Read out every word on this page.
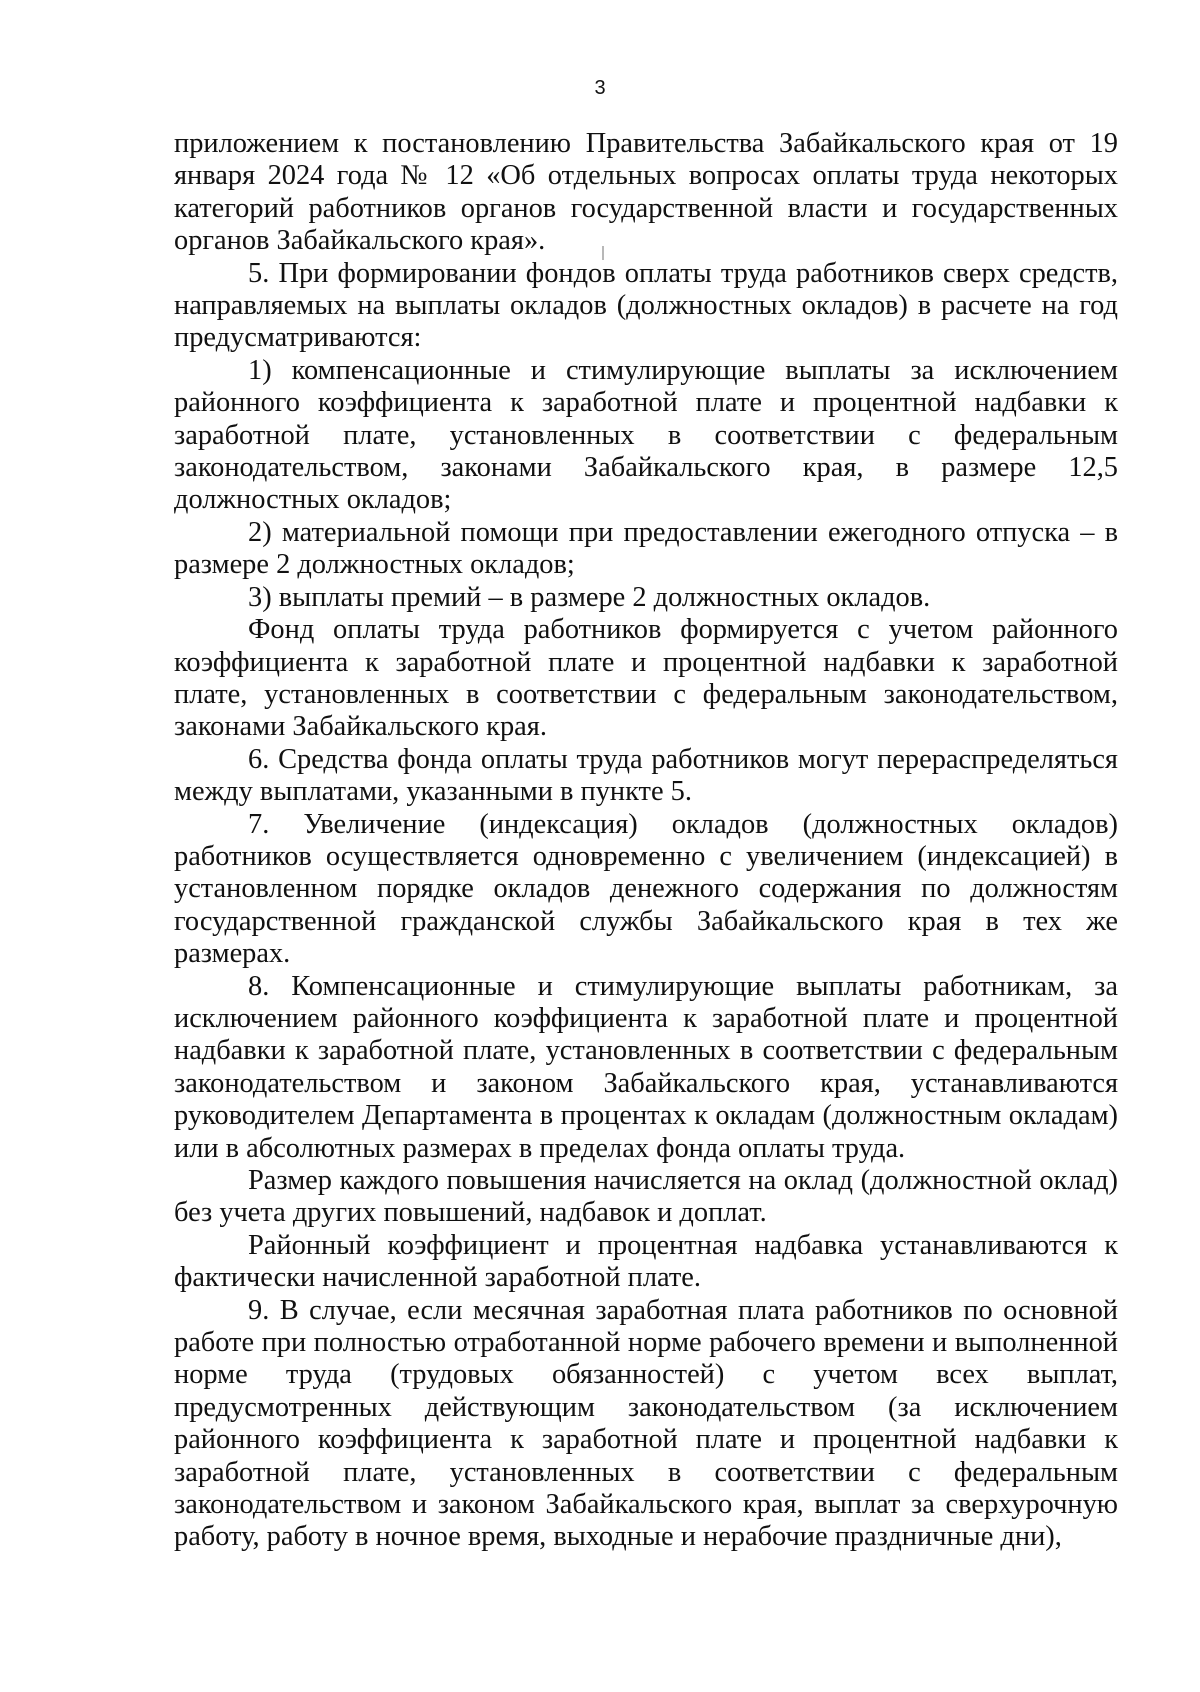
3

приложением к постановлению Правительства Забайкальского края от 19 января 2024 года № 12 «Об отдельных вопросах оплаты труда некоторых категорий работников органов государственной власти и государственных органов Забайкальского края».

5. При формировании фондов оплаты труда работников сверх средств, направляемых на выплаты окладов (должностных окладов) в расчете на год предусматриваются:

1) компенсационные и стимулирующие выплаты за исключением районного коэффициента к заработной плате и процентной надбавки к заработной плате, установленных в соответствии с федеральным законодательством, законами Забайкальского края, в размере 12,5 должностных окладов;

2) материальной помощи при предоставлении ежегодного отпуска – в размере 2 должностных окладов;

3) выплаты премий – в размере 2 должностных окладов.

Фонд оплаты труда работников формируется с учетом районного коэффициента к заработной плате и процентной надбавки к заработной плате, установленных в соответствии с федеральным законодательством, законами Забайкальского края.

6. Средства фонда оплаты труда работников могут перераспределяться между выплатами, указанными в пункте 5.

7. Увеличение (индексация) окладов (должностных окладов) работников осуществляется одновременно с увеличением (индексацией) в установленном порядке окладов денежного содержания по должностям государственной гражданской службы Забайкальского края в тех же размерах.

8. Компенсационные и стимулирующие выплаты работникам, за исключением районного коэффициента к заработной плате и процентной надбавки к заработной плате, установленных в соответствии с федеральным законодательством и законом Забайкальского края, устанавливаются руководителем Департамента в процентах к окладам (должностным окладам) или в абсолютных размерах в пределах фонда оплаты труда.

Размер каждого повышения начисляется на оклад (должностной оклад) без учета других повышений, надбавок и доплат.

Районный коэффициент и процентная надбавка устанавливаются к фактически начисленной заработной плате.

9. В случае, если месячная заработная плата работников по основной работе при полностью отработанной норме рабочего времени и выполненной норме труда (трудовых обязанностей) с учетом всех выплат, предусмотренных действующим законодательством (за исключением районного коэффициента к заработной плате и процентной надбавки к заработной плате, установленных в соответствии с федеральным законодательством и законом Забайкальского края, выплат за сверхурочную работу, работу в ночное время, выходные и нерабочие праздничные дни),
